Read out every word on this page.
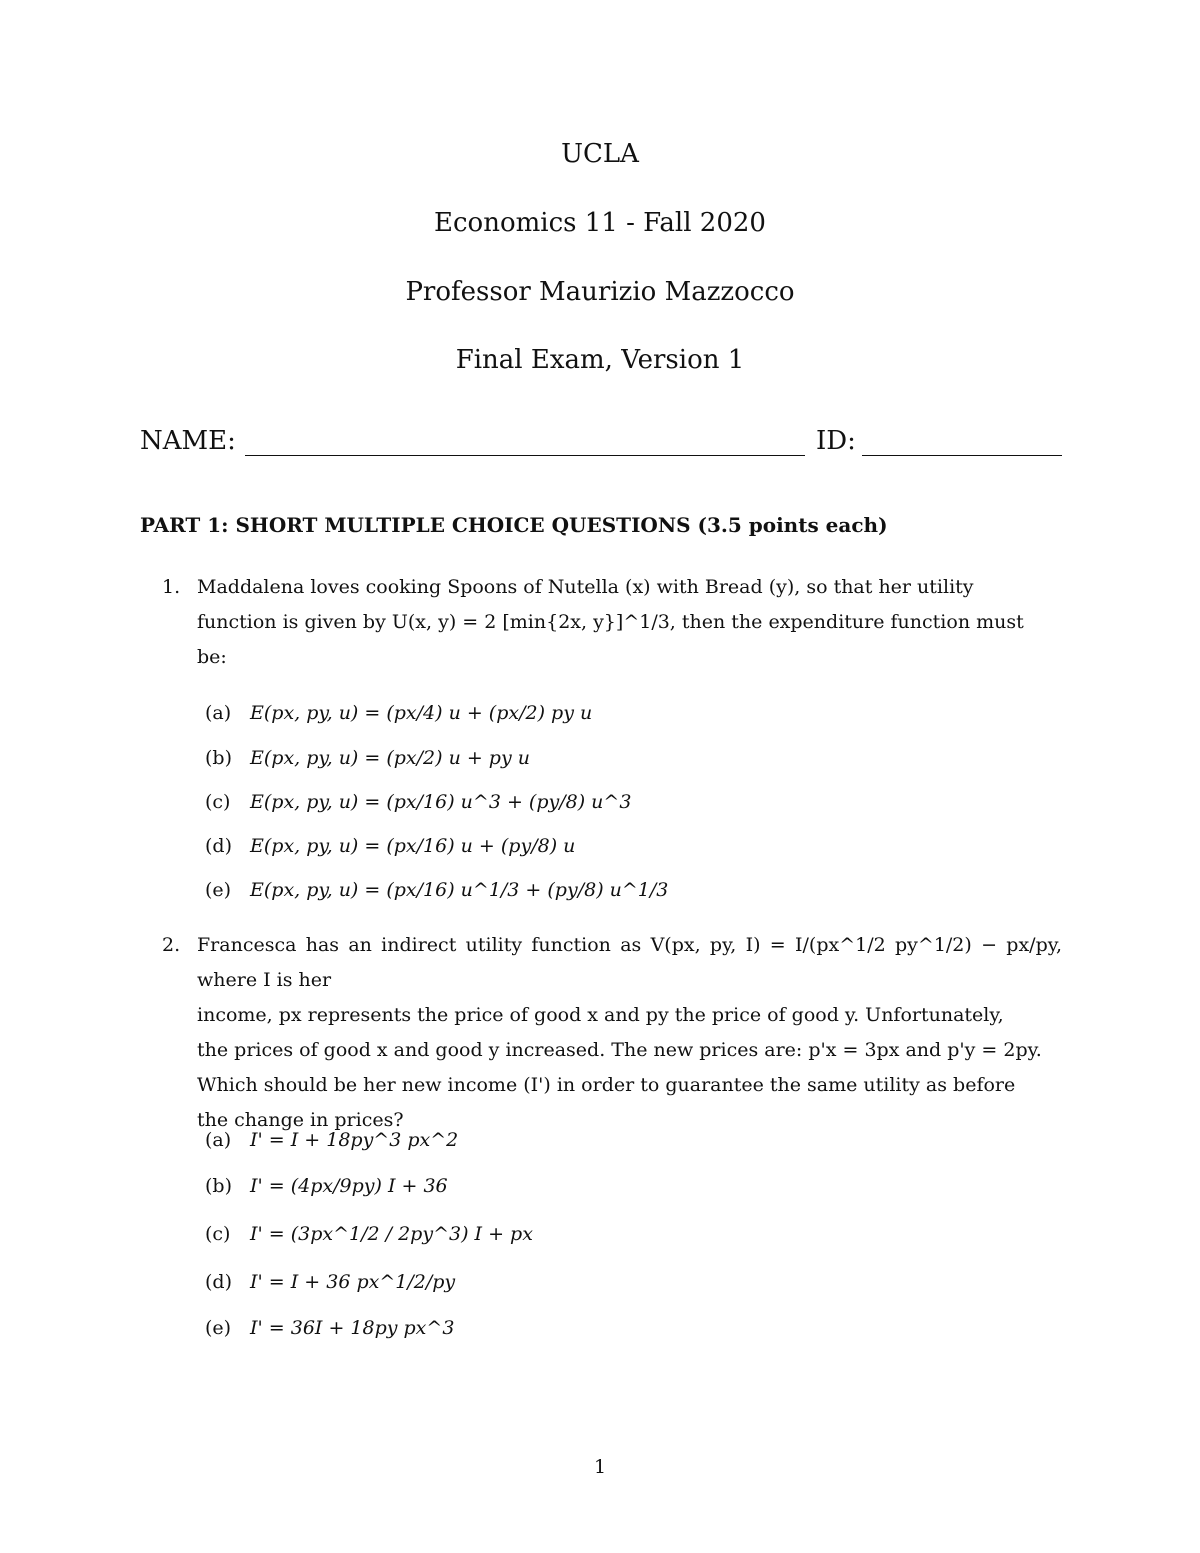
UCLA
Economics 11 - Fall 2020
Professor Maurizio Mazzocco
Final Exam, Version 1
NAME:	ID:
PART 1: SHORT MULTIPLE CHOICE QUESTIONS (3.5 points each)
1. Maddalena loves cooking Spoons of Nutella (x) with Bread (y), so that her utility
function is given by U(x, y) = 2 [min{2x, y}]^1/3, then the expenditure function must
be:
(a) E(px, py, u) = (px/4) u + (px/2) py u
(b) E(px, py, u) = (px/2) u + py u
(c) E(px, py, u) = (px/16) u^3 + (py/8) u^3
(d) E(px, py, u) = (px/16) u + (py/8) u
(e) E(px, py, u) = (px/16) u^1/3 + (py/8) u^1/3
2. Francesca has an indirect utility function as V(px, py, I) = I/(px^1/2 py^1/2) − px/py, where I is her
income, px represents the price of good x and py the price of good y. Unfortunately,
the prices of good x and good y increased. The new prices are: p'x = 3px and p'y = 2py.
Which should be her new income (I') in order to guarantee the same utility as before
the change in prices?
(a) I' = I + 18py^3 px^2
(b) I' = (4px/9py) I + 36
(c) I' = (3px^1/2 / 2py^3) I + px
(d) I' = I + 36 px^1/2/py
(e) I' = 36I + 18py px^3
1
